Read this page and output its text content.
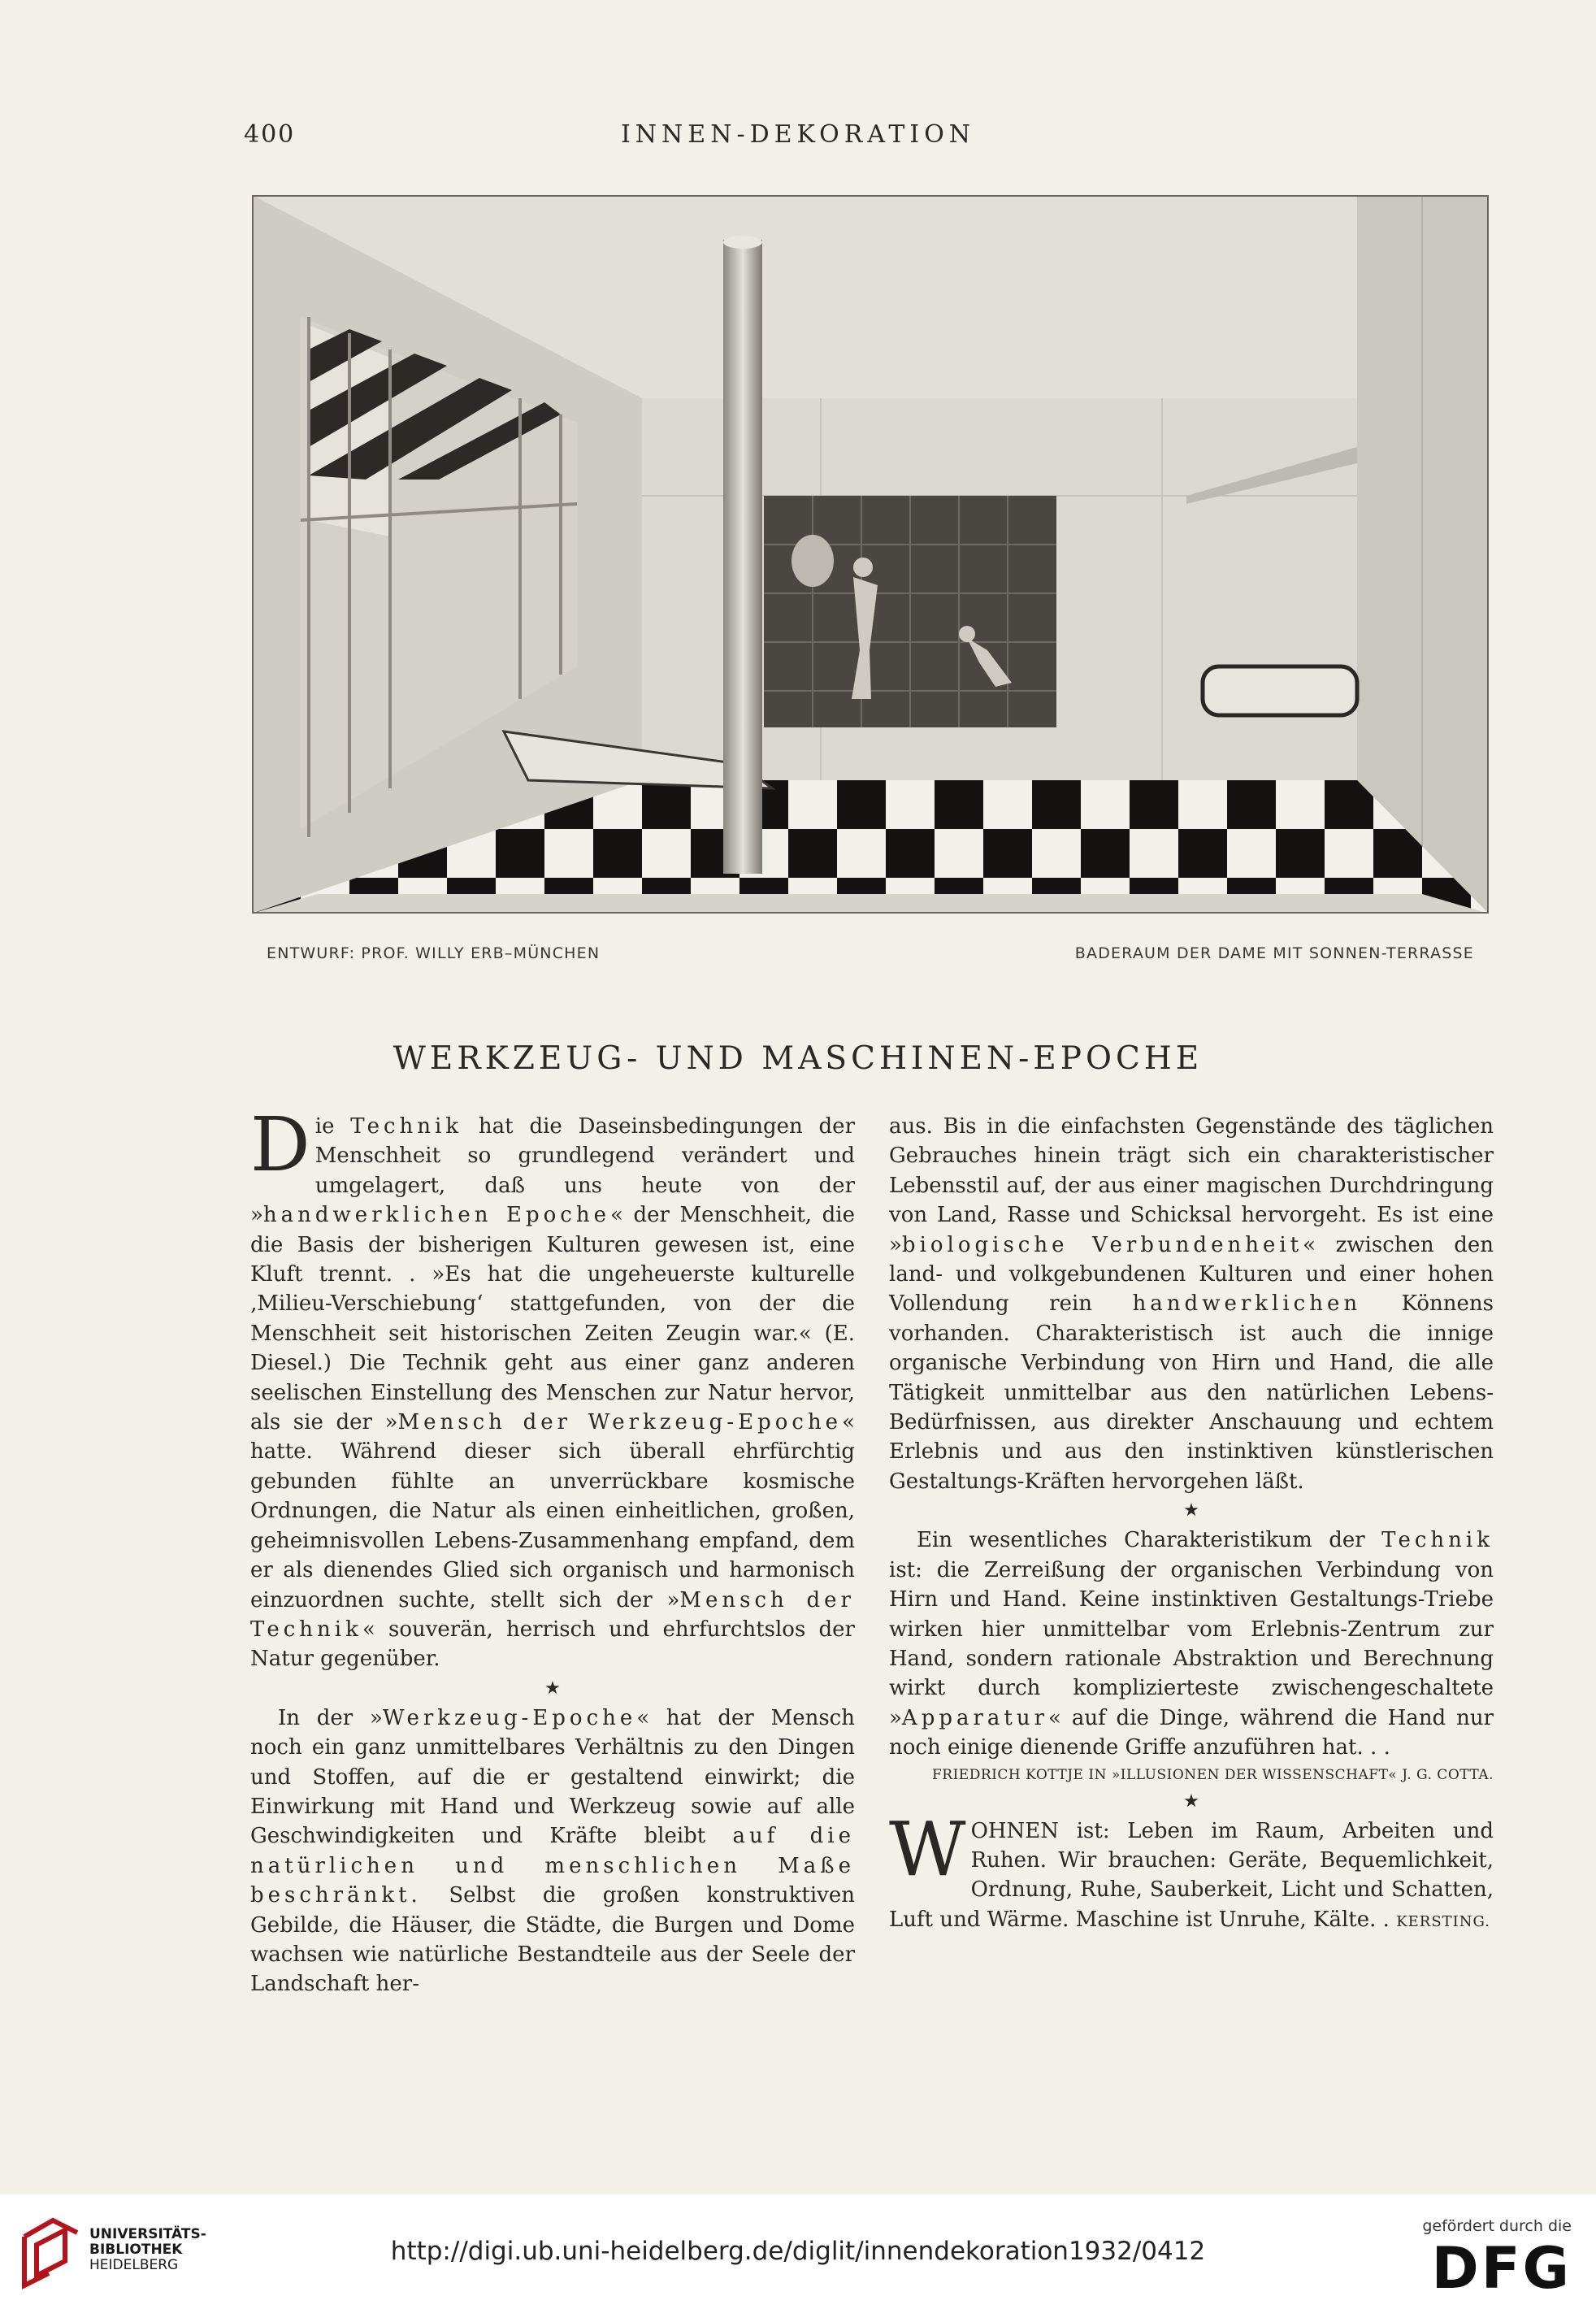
400	INNEN-DEKORATION
ENTWURF: PROF. WILLY ERB–MÜNCHEN	BADERAUM DER DAME MIT SONNEN-TERRASSE
WERKZEUG- UND MASCHINEN-EPOCHE

Die Technik hat die Daseinsbedingungen der Menschheit so grundlegend verändert und umgelagert, daß uns heute von der »handwerklichen Epoche« der Menschheit, die die Basis der bisherigen Kulturen gewesen ist, eine Kluft trennt. . »Es hat die ungeheuerste kulturelle ‚Milieu-Verschiebung‘ stattgefunden, von der die Menschheit seit historischen Zeiten Zeugin war.« (E. Diesel.) Die Technik geht aus einer ganz anderen seelischen Einstellung des Menschen zur Natur hervor, als sie der »Mensch der Werkzeug-Epoche« hatte. Während dieser sich überall ehrfürchtig gebunden fühlte an unverrückbare kosmische Ordnungen, die Natur als einen einheitlichen, großen, geheimnisvollen Lebens-Zusammenhang empfand, dem er als dienendes Glied sich organisch und harmonisch einzuordnen suchte, stellt sich der »Mensch der Technik« souverän, herrisch und ehrfurchtslos der Natur gegenüber.

★

In der »Werkzeug-Epoche« hat der Mensch noch ein ganz unmittelbares Verhältnis zu den Dingen und Stoffen, auf die er gestaltend einwirkt; die Einwirkung mit Hand und Werkzeug sowie auf alle Geschwindigkeiten und Kräfte bleibt auf die natürlichen und menschlichen Maße beschränkt. Selbst die großen konstruktiven Gebilde, die Häuser, die Städte, die Burgen und Dome wachsen wie natürliche Bestandteile aus der Seele der Landschaft her-

aus. Bis in die einfachsten Gegenstände des täglichen Gebrauches hinein trägt sich ein charakteristischer Lebensstil auf, der aus einer magischen Durchdringung von Land, Rasse und Schicksal hervorgeht. Es ist eine »biologische Verbundenheit« zwischen den land- und volkgebundenen Kulturen und einer hohen Vollendung rein handwerklichen Könnens vorhanden. Charakteristisch ist auch die innige organische Verbindung von Hirn und Hand, die alle Tätigkeit unmittelbar aus den natürlichen Lebens-Bedürfnissen, aus direkter Anschauung und echtem Erlebnis und aus den instinktiven künstlerischen Gestaltungs-Kräften hervorgehen läßt.

★

Ein wesentliches Charakteristikum der Technik ist: die Zerreißung der organischen Verbindung von Hirn und Hand. Keine instinktiven Gestaltungs-Triebe wirken hier unmittelbar vom Erlebnis-Zentrum zur Hand, sondern rationale Abstraktion und Berechnung wirkt durch komplizierteste zwischengeschaltete »Apparatur« auf die Dinge, während die Hand nur noch einige dienende Griffe anzuführen hat. . .

FRIEDRICH KOTTJE IN »ILLUSIONEN DER WISSENSCHAFT« J. G. COTTA.
★

WOHNEN ist: Leben im Raum, Arbeiten und Ruhen. Wir brauchen: Geräte, Bequemlichkeit, Ordnung, Ruhe, Sauberkeit, Licht und Schatten, Luft und Wärme. Maschine ist Unruhe, Kälte. . KERSTING.

UNIVERSITÄTS-
BIBLIOTHEK
HEIDELBERG	http://digi.ub.uni-heidelberg.de/diglit/innendekoration1932/0412
gefördert durch die
DFG
